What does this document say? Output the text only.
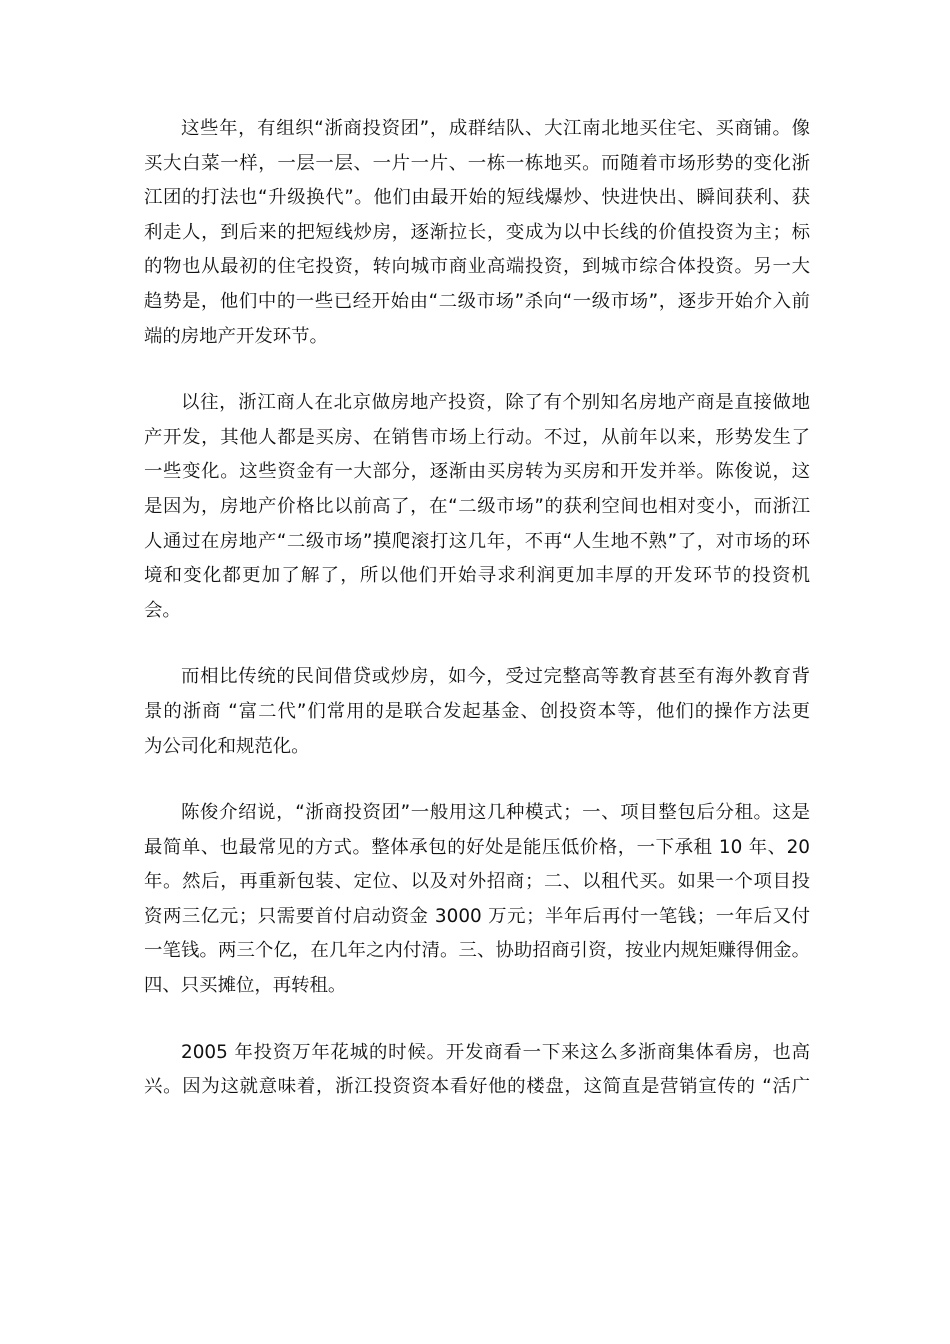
这些年，有组织“浙商投资团”，成群结队、大江南北地买住宅、买商铺。像
买大白菜一样，一层一层、一片一片、一栋一栋地买。而随着市场形势的变化浙
江团的打法也“升级换代”。他们由最开始的短线爆炒、快进快出、瞬间获利、获
利走人，到后来的把短线炒房，逐渐拉长，变成为以中长线的价值投资为主；标
的物也从最初的住宅投资，转向城市商业高端投资，到城市综合体投资。另一大
趋势是，他们中的一些已经开始由“二级市场”杀向“一级市场”，逐步开始介入前
端的房地产开发环节。
以往，浙江商人在北京做房地产投资，除了有个别知名房地产商是直接做地
产开发，其他人都是买房、在销售市场上行动。不过，从前年以来，形势发生了
一些变化。这些资金有一大部分，逐渐由买房转为买房和开发并举。陈俊说，这
是因为，房地产价格比以前高了，在“二级市场”的获利空间也相对变小，而浙江
人通过在房地产“二级市场”摸爬滚打这几年，不再“人生地不熟”了，对市场的环
境和变化都更加了解了，所以他们开始寻求利润更加丰厚的开发环节的投资机
会。
而相比传统的民间借贷或炒房，如今，受过完整高等教育甚至有海外教育背
景的浙商 “富二代”们常用的是联合发起基金、创投资本等，他们的操作方法更
为公司化和规范化。
陈俊介绍说，“浙商投资团”一般用这几种模式；一、项目整包后分租。这是
最简单、也最常见的方式。整体承包的好处是能压低价格，一下承租 10 年、20
年。然后，再重新包装、定位、以及对外招商；二、以租代买。如果一个项目投
资两三亿元；只需要首付启动资金 3000 万元；半年后再付一笔钱；一年后又付
一笔钱。两三个亿，在几年之内付清。三、协助招商引资，按业内规矩赚得佣金。
四、只买摊位，再转租。
2005 年投资万年花城的时候。开发商看一下来这么多浙商集体看房，也高
兴。因为这就意味着，浙江投资资本看好他的楼盘，这简直是营销宣传的 “活广
